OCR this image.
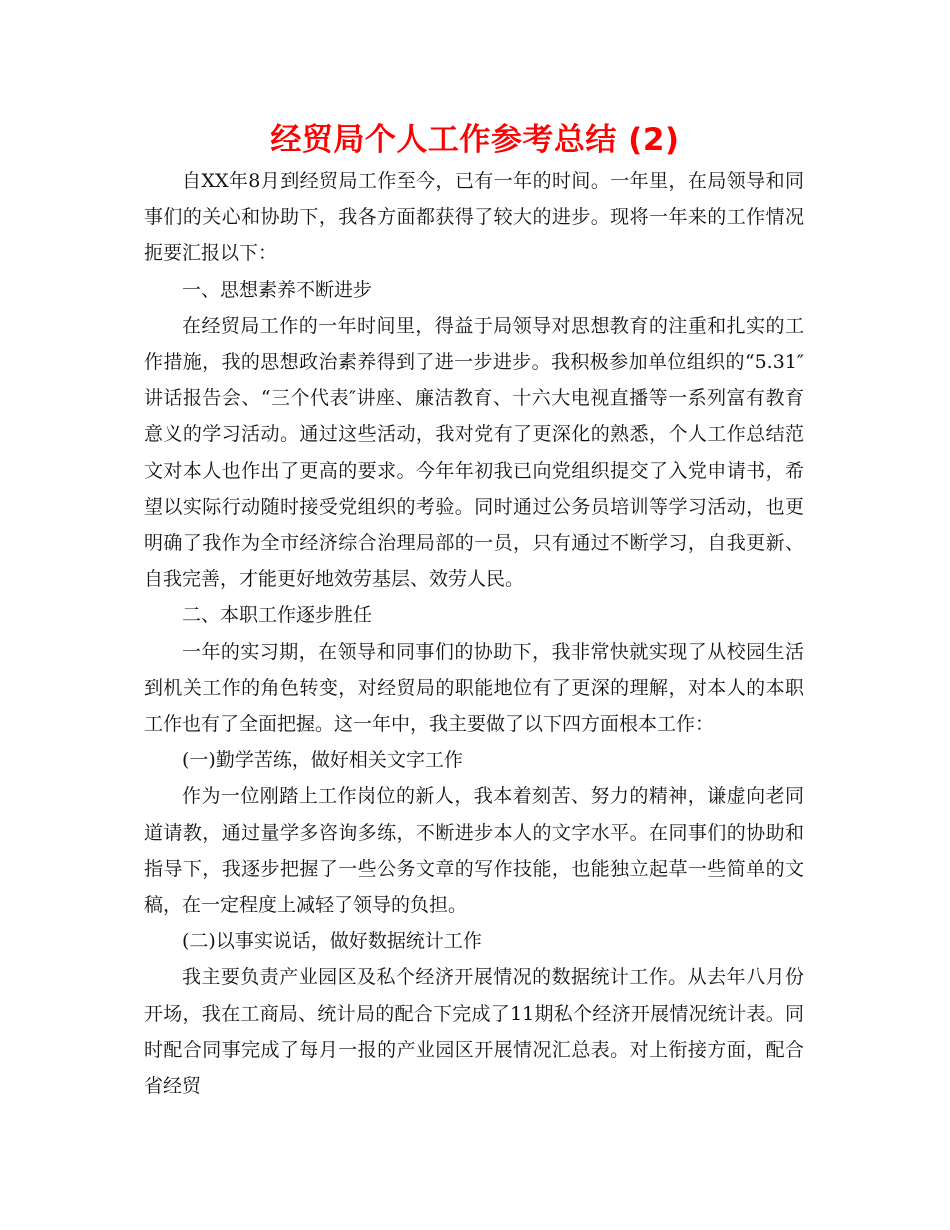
经贸局个人工作参考总结 (2)

自XX年8月到经贸局工作至今，已有一年的时间。一年里，在局领导和同事们的关心和协助下，我各方面都获得了较大的进步。现将一年来的工作情况扼要汇报以下：

一、思想素养不断进步

在经贸局工作的一年时间里，得益于局领导对思想教育的注重和扎实的工作措施，我的思想政治素养得到了进一步进步。我积极参加单位组织的“5.31″讲话报告会、“三个代表″讲座、廉洁教育、十六大电视直播等一系列富有教育意义的学习活动。通过这些活动，我对党有了更深化的熟悉，个人工作总结范文对本人也作出了更高的要求。今年年初我已向党组织提交了入党申请书，希望以实际行动随时接受党组织的考验。同时通过公务员培训等学习活动，也更明确了我作为全市经济综合治理局部的一员，只有通过不断学习，自我更新、自我完善，才能更好地效劳基层、效劳人民。

二、本职工作逐步胜任

一年的实习期，在领导和同事们的协助下，我非常快就实现了从校园生活到机关工作的角色转变，对经贸局的职能地位有了更深的理解，对本人的本职工作也有了全面把握。这一年中，我主要做了以下四方面根本工作：

(一)勤学苦练，做好相关文字工作

作为一位刚踏上工作岗位的新人，我本着刻苦、努力的精神，谦虚向老同道请教，通过量学多咨询多练，不断进步本人的文字水平。在同事们的协助和指导下，我逐步把握了一些公务文章的写作技能，也能独立起草一些简单的文稿，在一定程度上减轻了领导的负担。

(二)以事实说话，做好数据统计工作

我主要负责产业园区及私个经济开展情况的数据统计工作。从去年八月份开场，我在工商局、统计局的配合下完成了11期私个经济开展情况统计表。同时配合同事完成了每月一报的产业园区开展情况汇总表。对上衔接方面，配合省经贸
